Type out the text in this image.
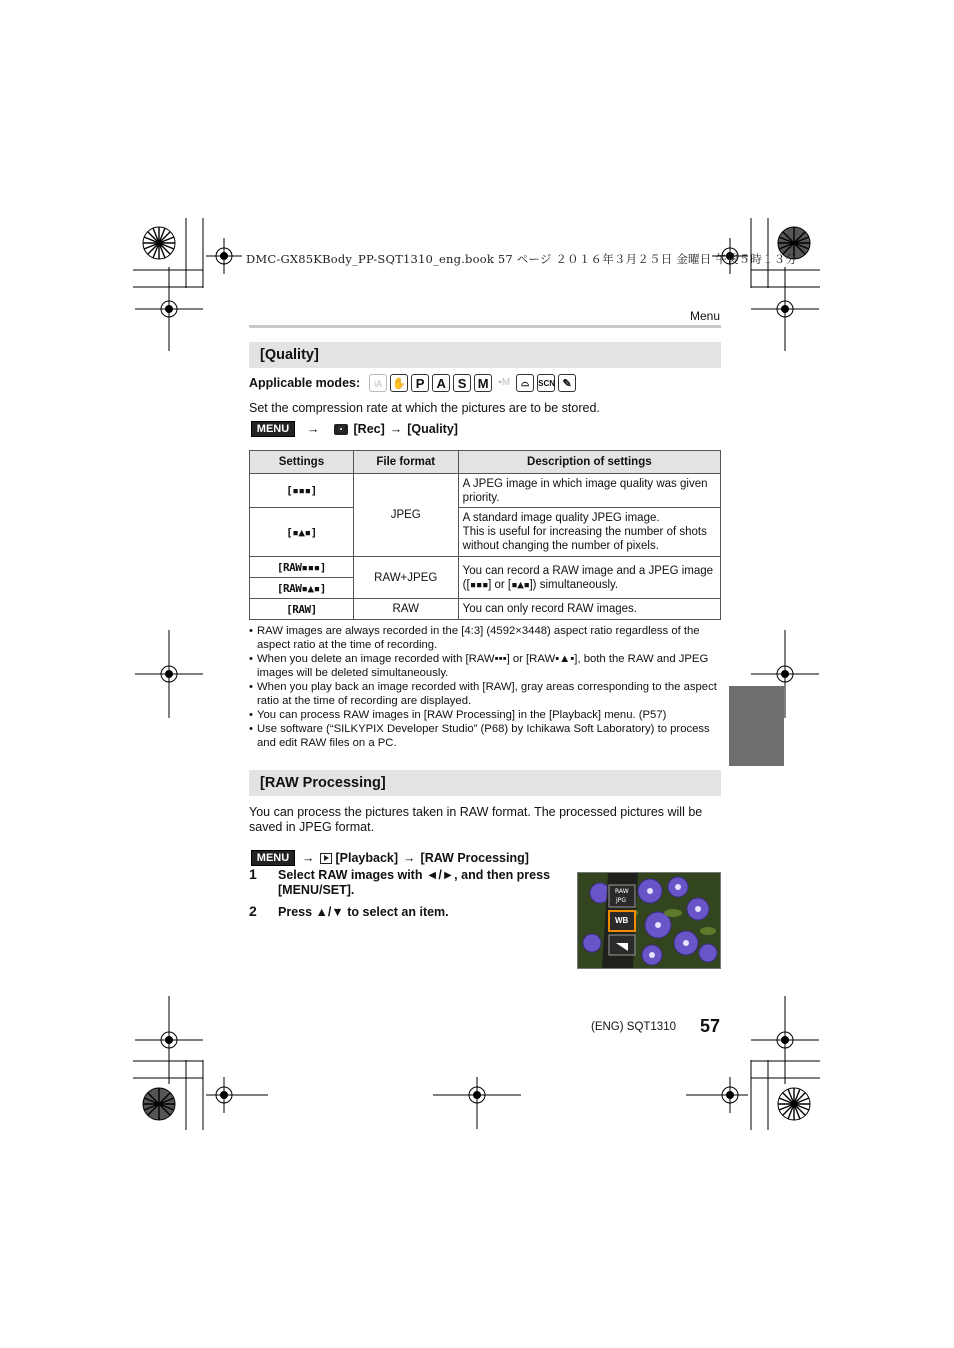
DMC-GX85KBody_PP-SQT1310_eng.book 57 ページ ２０１６年３月２５日 金曜日 午後５時１３分
Menu
[Quality]
Applicable modes:	iA ✋ P A S M ▪M	⌓	SCN ✎
Set the compression rate at which the pictures are to be stored.
MENU	→	[Rec] → [Quality]
Settings	File format	Description of settings
[▪▪▪]	JPEG	A JPEG image in which image quality was given priority.
[▪▲▪]		A standard image quality JPEG image.
This is useful for increasing the number of shots without changing the number of pixels.
[RAW▪▪▪]	RAW+JPEG	You can record a RAW image and a JPEG image ([▪▪▪] or [▪▲▪]) simultaneously.
[RAW▪▲▪]		
[RAW]	RAW	You can only record RAW images.
• RAW images are always recorded in the [4:3] (4592×3448) aspect ratio regardless of the aspect ratio at the time of recording.
• When you delete an image recorded with [RAW▪▪▪] or [RAW▪▲▪], both the RAW and JPEG images will be deleted simultaneously.
• When you play back an image recorded with [RAW], gray areas corresponding to the aspect ratio at the time of recording are displayed.
• You can process RAW images in [RAW Processing] in the [Playback] menu. (P57)
• Use software (“SILKYPIX Developer Studio” (P68) by Ichikawa Soft Laboratory) to process and edit RAW files on a PC.
[RAW Processing]
You can process the pictures taken in RAW format. The processed pictures will be saved in JPEG format.
MENU	→ [Playback] → [RAW Processing]
1	Select RAW images with ◄/►, and then press [MENU/SET].
2	Press ▲/▼ to select an item.
RAW
JPG
WB
(ENG) SQT1310 57
